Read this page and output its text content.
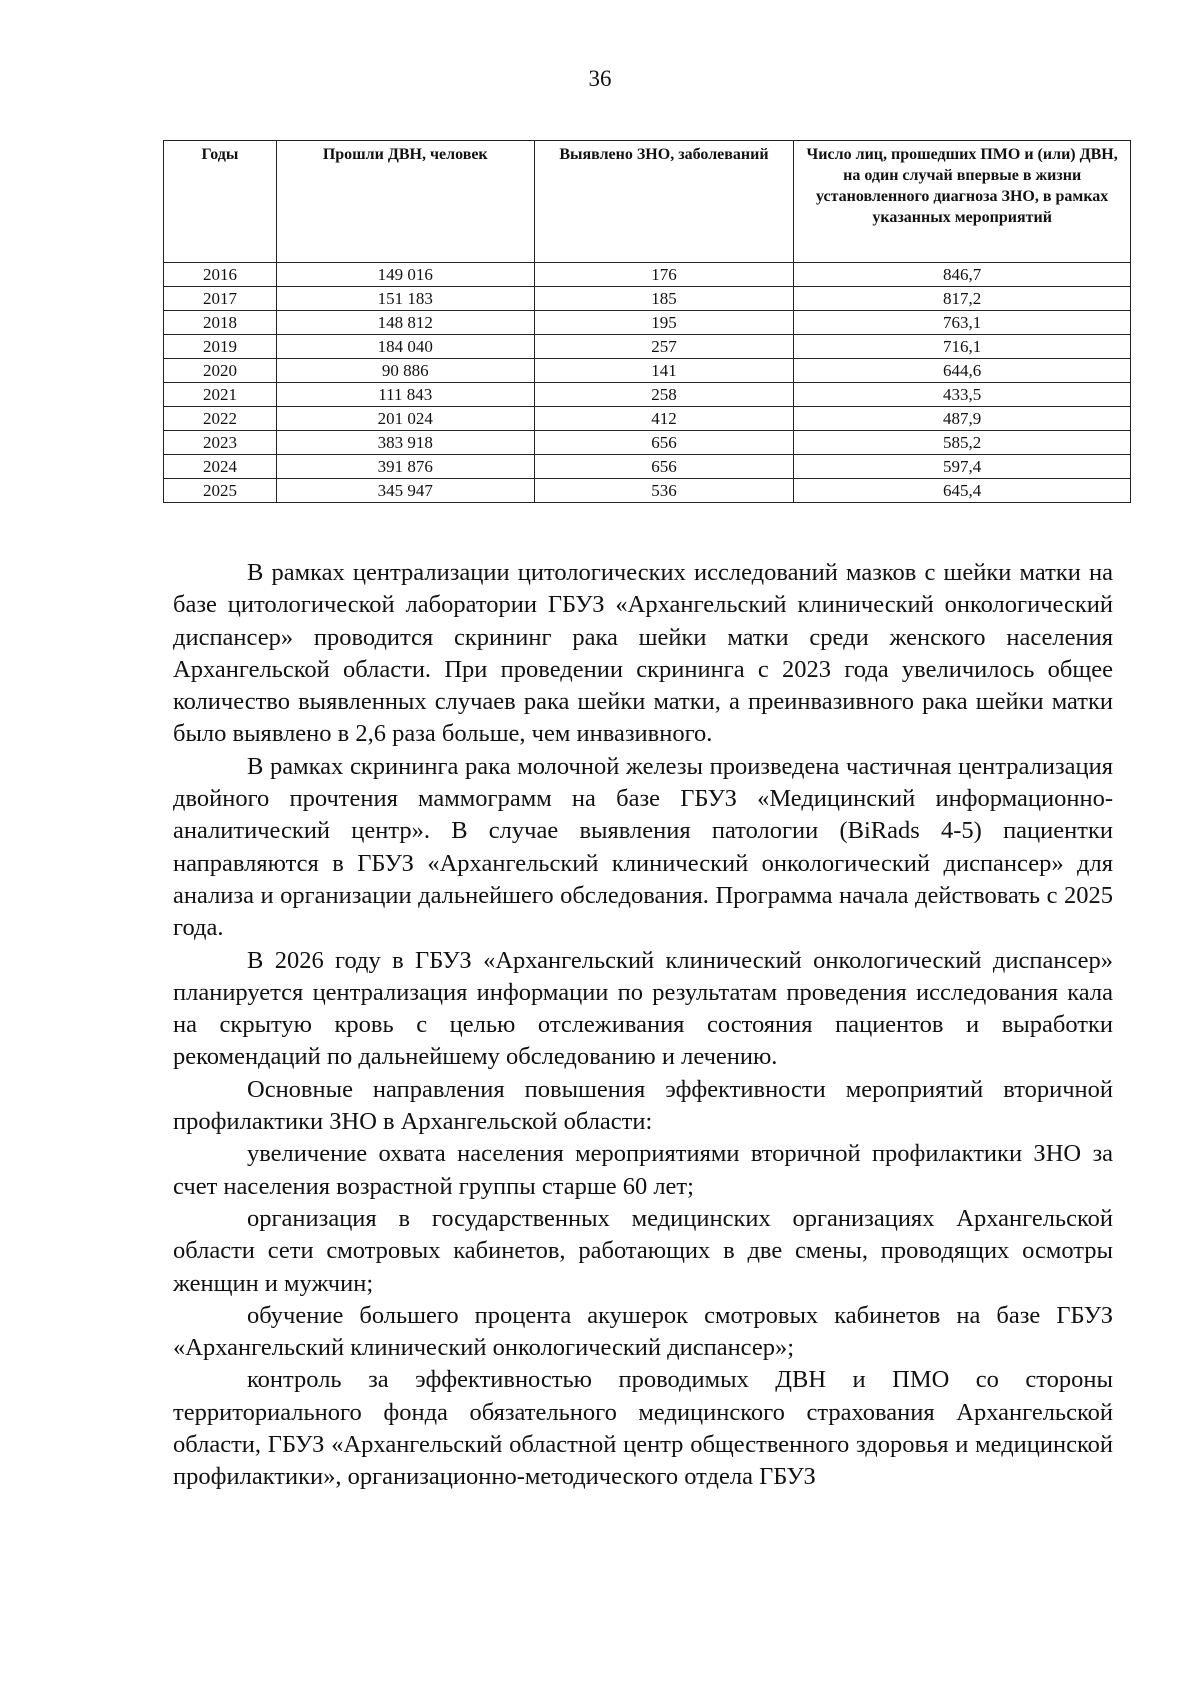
36
Годы	Прошли ДВН, человек	Выявлено ЗНО, заболеваний	Число лиц, прошедших ПМО и (или) ДВН, на один случай впервые в жизни установленного диагноза ЗНО, в рамках указанных мероприятий
2016	149 016	176	846,7
2017	151 183	185	817,2
2018	148 812	195	763,1
2019	184 040	257	716,1
2020	90 886	141	644,6
2021	111 843	258	433,5
2022	201 024	412	487,9
2023	383 918	656	585,2
2024	391 876	656	597,4
2025	345 947	536	645,4

В рамках централизации цитологических исследований мазков с шейки матки на базе цитологической лаборатории ГБУЗ «Архангельский клинический онкологический диспансер» проводится скрининг рака шейки матки среди женского населения Архангельской области. При проведении скрининга с 2023 года увеличилось общее количество выявленных случаев рака шейки матки, а преинвазивного рака шейки матки было выявлено в 2,6 раза больше, чем инвазивного.

В рамках скрининга рака молочной железы произведена частичная централизация двойного прочтения маммограмм на базе ГБУЗ «Медицинский информационно-аналитический центр». В случае выявления патологии (BiRads 4-5) пациентки направляются в ГБУЗ «Архангельский клинический онкологический диспансер» для анализа и организации дальнейшего обследования. Программа начала действовать с 2025 года.

В 2026 году в ГБУЗ «Архангельский клинический онкологический диспансер» планируется централизация информации по результатам проведения исследования кала на скрытую кровь с целью отслеживания состояния пациентов и выработки рекомендаций по дальнейшему обследованию и лечению.

Основные направления повышения эффективности мероприятий вторичной профилактики ЗНО в Архангельской области:

увеличение охвата населения мероприятиями вторичной профилактики ЗНО за счет населения возрастной группы старше 60 лет;

организация в государственных медицинских организациях Архангельской области сети смотровых кабинетов, работающих в две смены, проводящих осмотры женщин и мужчин;

обучение большего процента акушерок смотровых кабинетов на базе ГБУЗ «Архангельский клинический онкологический диспансер»;

контроль за эффективностью проводимых ДВН и ПМО со стороны территориального фонда обязательного медицинского страхования Архангельской области, ГБУЗ «Архангельский областной центр общественного здоровья и медицинской профилактики», организационно-методического отдела ГБУЗ
